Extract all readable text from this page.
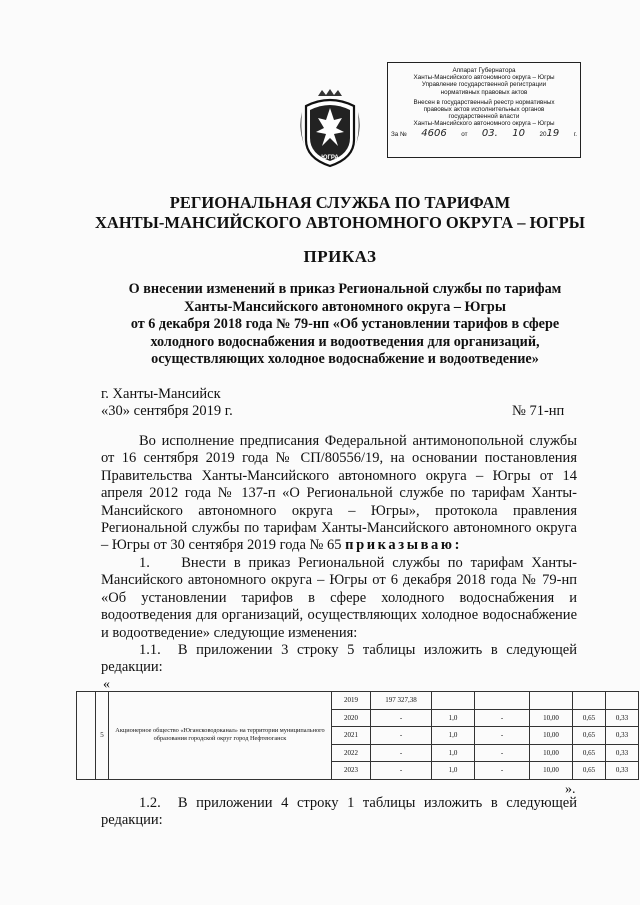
Аппарат Губернатора
Ханты-Мансийского автономного округа – Югры
Управление государственной регистрации
нормативных правовых актов
Внесен в государственный реестр нормативных
правовых актов исполнительных органов
государственной власти
Ханты-Мансийского автономного округа – Югры
За № 4606 от 03. 10 2019 г.
ЮГРА
РЕГИОНАЛЬНАЯ СЛУЖБА ПО ТАРИФАМ
ХАНТЫ-МАНСИЙСКОГО АВТОНОМНОГО ОКРУГА – ЮГРЫ
ПРИКАЗ
О внесении изменений в приказ Региональной службы по тарифам
Ханты-Мансийского автономного округа – Югры
от 6 декабря 2018 года № 79-нп «Об установлении тарифов в сфере
холодного водоснабжения и водоотведения для организаций,
осуществляющих холодное водоснабжение и водоотведение»
г. Ханты-Мансийск
«30» сентября 2019 г.	№ 71-нп
Во исполнение предписания Федеральной антимонопольной службы от 16 сентября 2019 года № СП/80556/19, на основании постановления Правительства Ханты-Мансийского автономного округа – Югры от 14 апреля 2012 года № 137-п «О Региональной службе по тарифам Ханты-Мансийского автономного округа – Югры», протокола правления Региональной службы по тарифам Ханты-Мансийского автономного округа – Югры от 30 сентября 2019 года № 65 приказываю:
1.    Внести в приказ Региональной службы по тарифам Ханты-Мансийского автономного округа – Югры от 6 декабря 2018 года № 79-нп «Об установлении тарифов в сфере холодного водоснабжения и водоотведения для организаций, осуществляющих холодное водоснабжение и водоотведение» следующие изменения:
1.1.  В приложении 3 строку 5 таблицы изложить в следующей редакции:
«
	5	Акционерное общество «Югансководоканал» на территории муниципального образования городской округ город Нефтеюганск	2019	197 327,38					
			2020	-	1,0	-	10,00	0,65	0,33
			2021	-	1,0	-	10,00	0,65	0,33
			2022	-	1,0	-	10,00	0,65	0,33
			2023	-	1,0	-	10,00	0,65	0,33
».
1.2.  В приложении 4 строку 1 таблицы изложить в следующей редакции:
